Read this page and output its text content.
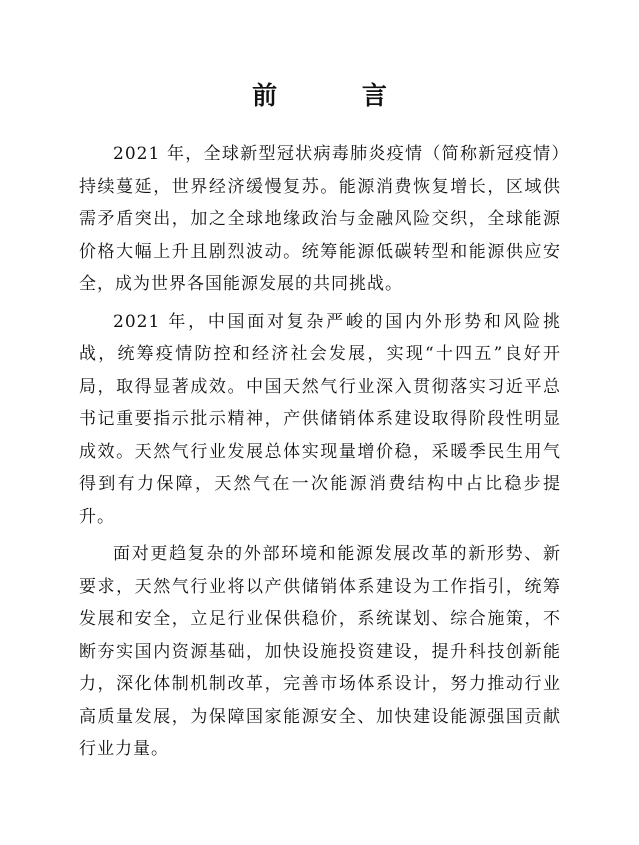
前 言

2021 年，全球新型冠状病毒肺炎疫情（简称新冠疫情）持续蔓延，世界经济缓慢复苏。能源消费恢复增长，区域供需矛盾突出，加之全球地缘政治与金融风险交织，全球能源价格大幅上升且剧烈波动。统筹能源低碳转型和能源供应安全，成为世界各国能源发展的共同挑战。

2021 年，中国面对复杂严峻的国内外形势和风险挑战，统筹疫情防控和经济社会发展，实现“十四五”良好开局，取得显著成效。中国天然气行业深入贯彻落实习近平总书记重要指示批示精神，产供储销体系建设取得阶段性明显成效。天然气行业发展总体实现量增价稳，采暖季民生用气得到有力保障，天然气在一次能源消费结构中占比稳步提升。

面对更趋复杂的外部环境和能源发展改革的新形势、新要求，天然气行业将以产供储销体系建设为工作指引，统筹发展和安全，立足行业保供稳价，系统谋划、综合施策，不断夯实国内资源基础，加快设施投资建设，提升科技创新能力，深化体制机制改革，完善市场体系设计，努力推动行业高质量发展，为保障国家能源安全、加快建设能源强国贡献行业力量。
